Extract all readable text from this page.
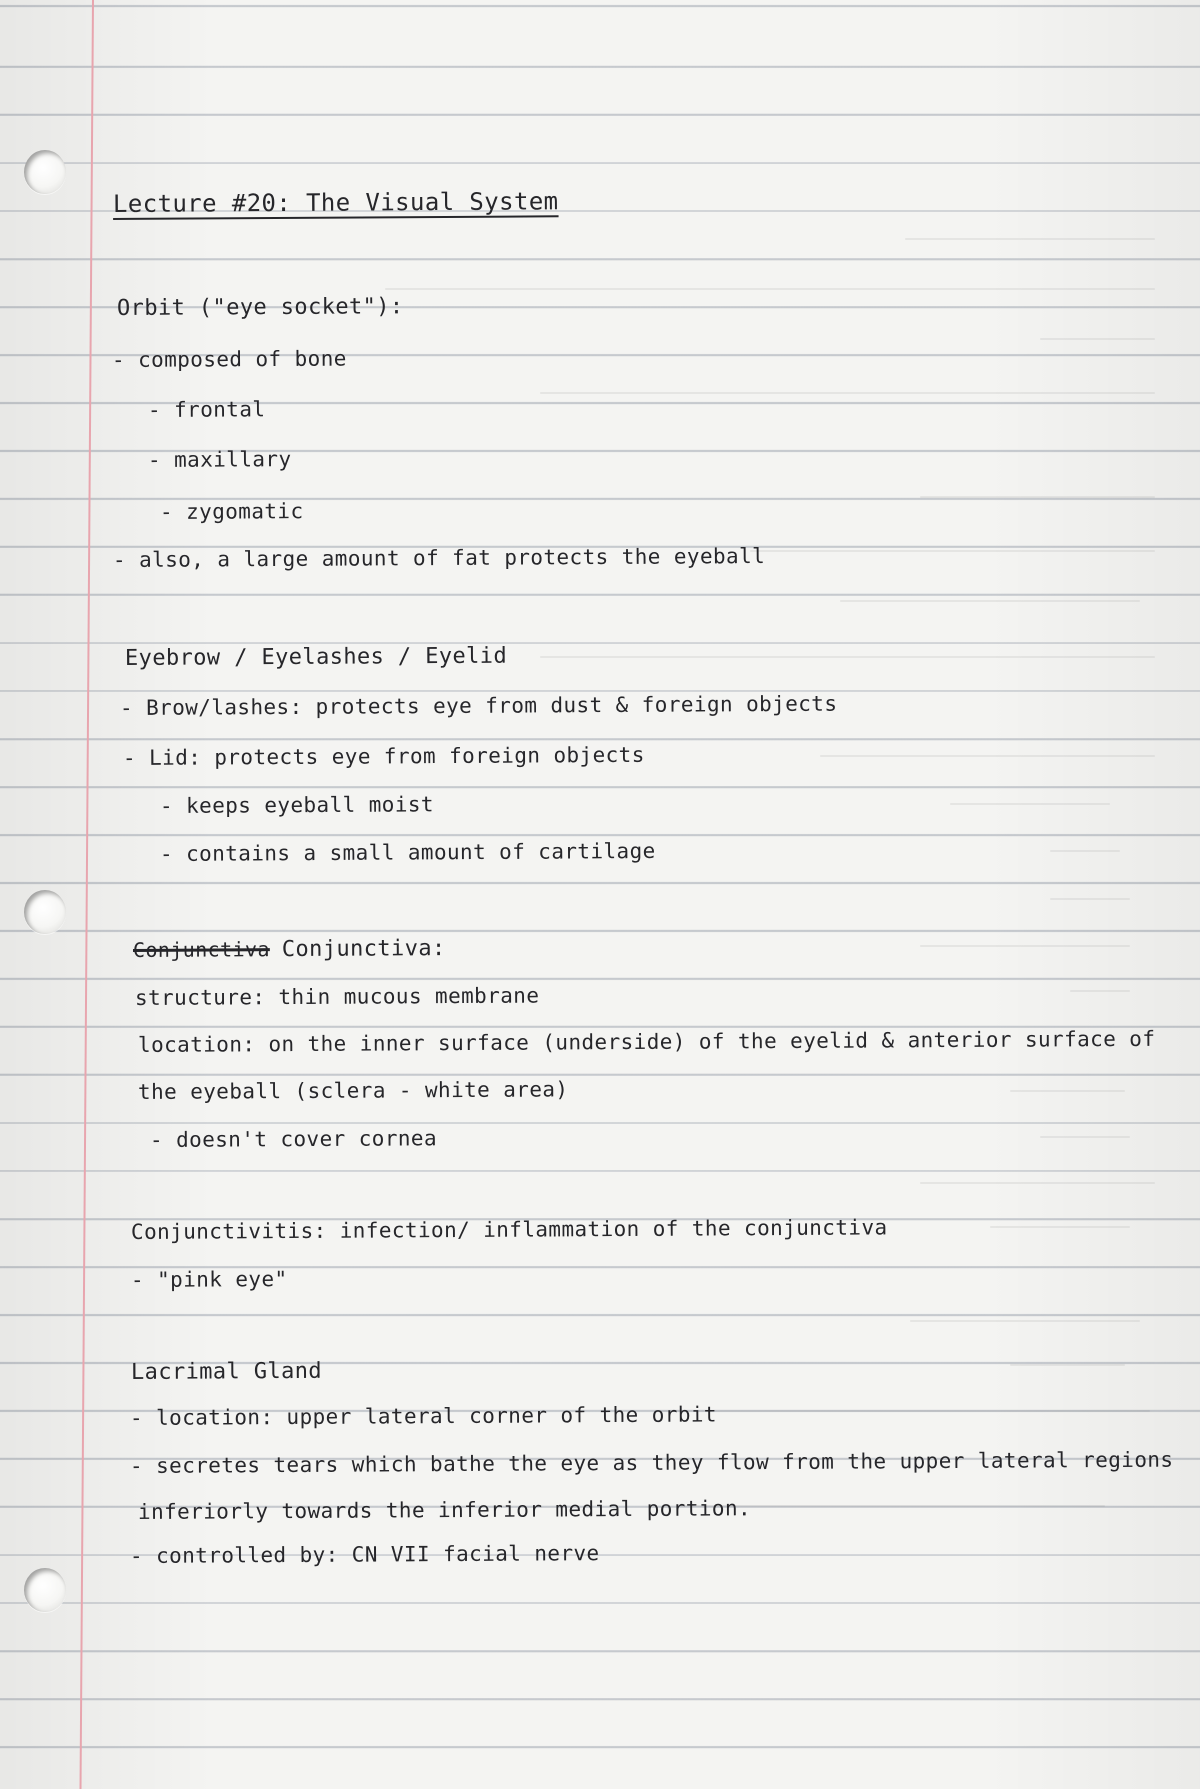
Lecture #20: The Visual System
Orbit ("eye socket"):
- composed of bone
- frontal
- maxillary
- zygomatic
- also, a large amount of fat protects the eyeball
Eyebrow / Eyelashes / Eyelid
- Brow/lashes: protects eye from dust & foreign objects
- Lid: protects eye from foreign objects
- keeps eyeball moist
- contains a small amount of cartilage
Conjunctiva Conjunctiva:
structure: thin mucous membrane
location: on the inner surface (underside) of the eyelid & anterior surface of
the eyeball (sclera - white area)
- doesn't cover cornea
Conjunctivitis: infection/ inflammation of the conjunctiva
- "pink eye"
Lacrimal Gland
- location: upper lateral corner of the orbit
- secretes tears which bathe the eye as they flow from the upper lateral regions
inferiorly towards the inferior medial portion.
- controlled by: CN VII facial nerve
